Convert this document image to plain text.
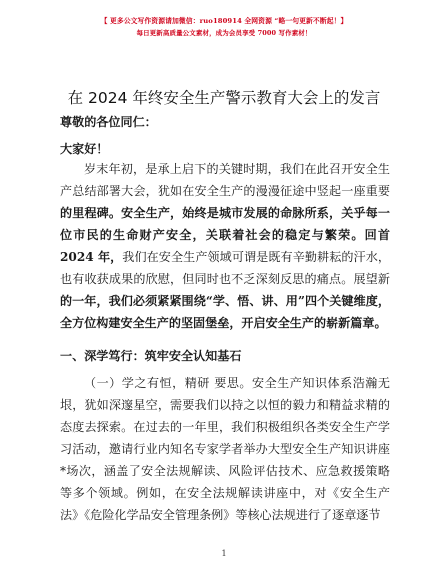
【 更多公文写作资源请加微信：ruo180914 全网资源 “略一句更新不断起！】
每日更新高质量公文素材，成为会员享受 7000 写作素材！
在 2024 年终安全生产警示教育大会上的发言
尊敬的各位同仁：
大家好！
岁末年初，是承上启下的关键时期，我们在此召开安全生产总结部署大会，犹如在安全生产的漫漫征途中竖起一座重要的里程碑。安全生产，始终是城市发展的命脉所系，关乎每一位市民的生命财产安全，关联着社会的稳定与繁荣。回首 2024 年，我们在安全生产领域可谓是既有辛勤耕耘的汗水，也有收获成果的欣慰，但同时也不乏深刻反思的痛点。展望新的一年，我们必须紧紧围绕“学、悟、讲、用”四个关键维度，全方位构建安全生产的坚固堡垒，开启安全生产的崭新篇章。
一、深学笃行：筑牢安全认知基石
（一）学之有恒，精研 要思。安全生产知识体系浩瀚无垠，犹如深邃星空，需要我们以持之以恒的毅力和精益求精的态度去探索。在过去的一年里，我们积极组织各类安全生产学习活动，邀请行业内知名专家学者举办大型安全生产知识讲座*场次，涵盖了安全法规解读、风险评估技术、应急救援策略等多个领域。例如，在安全法规解读讲座中，对《安全生产法》《危险化学品安全管理条例》等核心法规进行了逐章逐节
1
